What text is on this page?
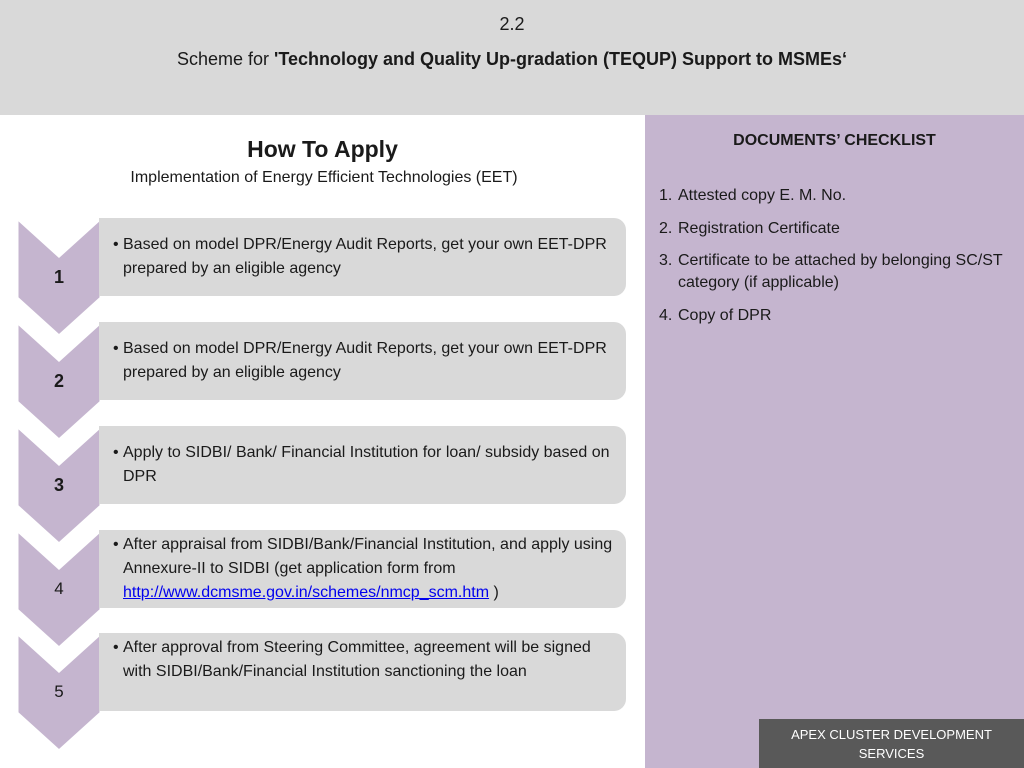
2.2
Scheme for 'Technology and Quality Up-gradation (TEQUP) Support to MSMEs‘
How To Apply
Implementation of Energy Efficient Technologies (EET)
1
• Based on model DPR/Energy Audit Reports, get your own EET-DPR prepared by an eligible agency
2
• Based on model DPR/Energy Audit Reports, get your own EET-DPR prepared by an eligible agency
3
• Apply to SIDBI/ Bank/ Financial Institution for loan/ subsidy based on DPR
4
• After appraisal from SIDBI/Bank/Financial Institution, and apply using Annexure-II to SIDBI (get application form from http://www.dcmsme.gov.in/schemes/nmcp_scm.htm )
5
• After approval from Steering Committee, agreement will be signed with SIDBI/Bank/Financial Institution sanctioning the loan
DOCUMENTS’ CHECKLIST
1. Attested copy E. M. No.
2. Registration Certificate
3. Certificate to be attached by belonging SC/ST category (if applicable)
4. Copy of DPR
APEX CLUSTER DEVELOPMENT SERVICES
